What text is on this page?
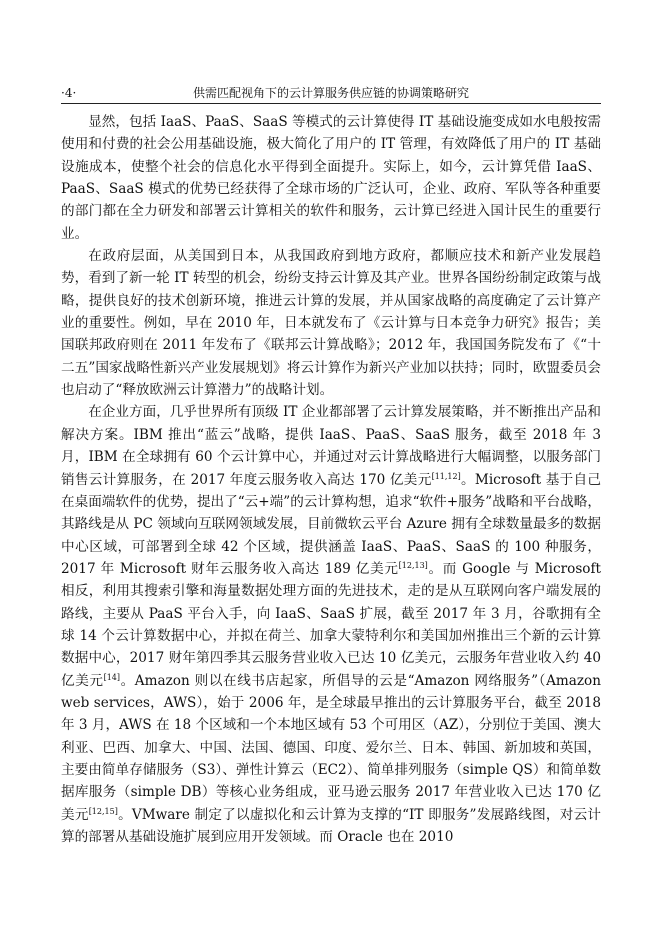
·4·	供需匹配视角下的云计算服务供应链的协调策略研究

显然，包括 IaaS、PaaS、SaaS 等模式的云计算使得 IT 基础设施变成如水电般按需使用和付费的社会公用基础设施，极大简化了用户的 IT 管理，有效降低了用户的 IT 基础设施成本，使整个社会的信息化水平得到全面提升。实际上，如今，云计算凭借 IaaS、PaaS、SaaS 模式的优势已经获得了全球市场的广泛认可，企业、政府、军队等各种重要的部门都在全力研发和部署云计算相关的软件和服务，云计算已经进入国计民生的重要行业。

在政府层面，从美国到日本，从我国政府到地方政府，都顺应技术和新产业发展趋势，看到了新一轮 IT 转型的机会，纷纷支持云计算及其产业。世界各国纷纷制定政策与战略，提供良好的技术创新环境，推进云计算的发展，并从国家战略的高度确定了云计算产业的重要性。例如，早在 2010 年，日本就发布了《云计算与日本竞争力研究》报告；美国联邦政府则在 2011 年发布了《联邦云计算战略》；2012 年，我国国务院发布了《“十二五”国家战略性新兴产业发展规划》将云计算作为新兴产业加以扶持；同时，欧盟委员会也启动了“释放欧洲云计算潜力”的战略计划。

在企业方面，几乎世界所有顶级 IT 企业都部署了云计算发展策略，并不断推出产品和解决方案。IBM 推出“蓝云”战略，提供 IaaS、PaaS、SaaS 服务，截至 2018 年 3 月，IBM 在全球拥有 60 个云计算中心，并通过对云计算战略进行大幅调整，以服务部门销售云计算服务，在 2017 年度云服务收入高达 170 亿美元[11,12]。Microsoft 基于自己在桌面端软件的优势，提出了“云+端”的云计算构想，追求“软件+服务”战略和平台战略，其路线是从 PC 领域向互联网领域发展，目前微软云平台 Azure 拥有全球数量最多的数据中心区域，可部署到全球 42 个区域，提供涵盖 IaaS、PaaS、SaaS 的 100 种服务，2017 年 Microsoft 财年云服务收入高达 189 亿美元[12,13]。而 Google 与 Microsoft 相反，利用其搜索引擎和海量数据处理方面的先进技术，走的是从互联网向客户端发展的路线，主要从 PaaS 平台入手，向 IaaS、SaaS 扩展，截至 2017 年 3 月，谷歌拥有全球 14 个云计算数据中心，并拟在荷兰、加拿大蒙特利尔和美国加州推出三个新的云计算数据中心，2017 财年第四季其云服务营业收入已达 10 亿美元，云服务年营业收入约 40 亿美元[14]。Amazon 则以在线书店起家，所倡导的云是“Amazon 网络服务”（Amazon web services，AWS），始于 2006 年，是全球最早推出的云计算服务平台，截至 2018 年 3 月，AWS 在 18 个区域和一个本地区域有 53 个可用区（AZ），分别位于美国、澳大利亚、巴西、加拿大、中国、法国、德国、印度、爱尔兰、日本、韩国、新加坡和英国，主要由简单存储服务（S3）、弹性计算云（EC2）、简单排列服务（simple QS）和简单数据库服务（simple DB）等核心业务组成，亚马逊云服务 2017 年营业收入已达 170 亿美元[12,15]。VMware 制定了以虚拟化和云计算为支撑的“IT 即服务”发展路线图，对云计算的部署从基础设施扩展到应用开发领域。而 Oracle 也在 2010
